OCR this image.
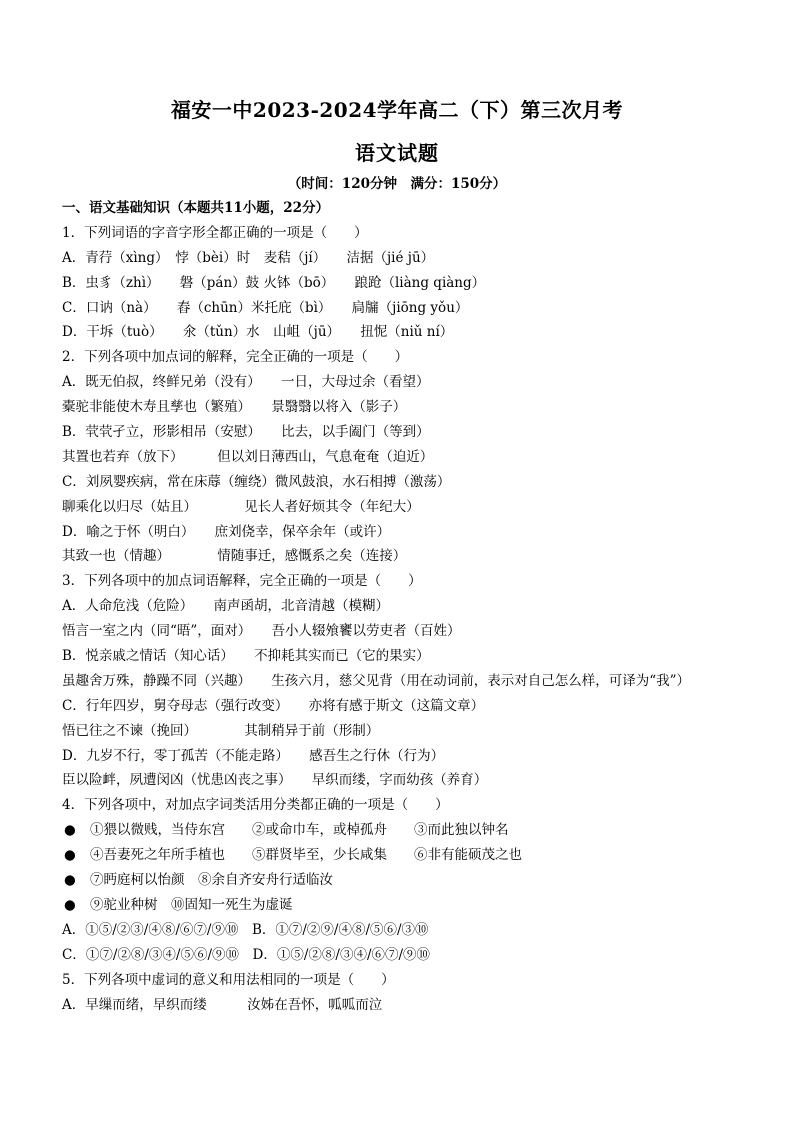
福安一中2023-2024学年高二（下）第三次月考
语文试题
（时间：120分钟　满分：150分）
一、语文基础知识（本题共11小题，22分）
1．下列词语的字音字形全都正确的一项是（　　）
A．青荇（xìng）　悖（bèi）时　麦秸（jí）　　洁据（jié jū）
B．虫豸（zhì）　　磐（pán）鼓 火钵（bō）　　踉跄（liàng qiàng）
C．口讷（nà）　　舂（chūn）米托庇（bì）　　扃牖（jiōng yǒu）
D．干坼（tuò）　　氽（tǔn）水　山岨（jū）　　扭怩（niǔ ní）
2．下列各项中加点词的解释，完全正确的一项是（　　）
A．既无伯叔，终鲜兄弟（没有）　　一日，大母过余（看望）
橐驼非能使木寿且孳也（繁殖）　　景翳翳以将入（影子）
B．茕茕孑立，形影相吊（安慰）　　比去，以手阖门（等到）
其置也若弃（放下）　　　但以刘日薄西山，气息奄奄（迫近）
C．刘夙婴疾病，常在床蓐（缠绕）微风鼓浪，水石相搏（激荡）
聊乘化以归尽（姑且）　　　　见长人者好烦其令（年纪大）
D．喻之于怀（明白）　　庶刘侥幸，保卒余年（或许）
其致一也（情趣）　　　　情随事迁，感慨系之矣（连接）
3．下列各项中的加点词语解释，完全正确的一项是（　　）
A．人命危浅（危险）　　南声函胡，北音清越（模糊）
悟言一室之内（同“晤”，面对）　　吾小人辍飧饔以劳吏者（百姓）
B．悦亲戚之情话（知心话）　　不抑耗其实而已（它的果实）
虽趣舍万殊，静躁不同（兴趣）　　生孩六月，慈父见背（用在动词前，表示对自己怎么样，可译为“我”）
C．行年四岁，舅夺母志（强行改变）　　亦将有感于斯文（这篇文章）
悟已往之不谏（挽回）　　　　其制稍异于前（形制）
D．九岁不行，零丁孤苦（不能走路）　　感吾生之行休（行为）
臣以险衅，夙遭闵凶（忧患凶丧之事）　　早织而缕，字而幼孩（养育）
4．下列各项中，对加点字词类活用分类都正确的一项是（　　）
● ①猥以微贱，当侍东宫　　②或命巾车，或棹孤舟　　③而此独以钟名
● ④吾妻死之年所手植也　　⑤群贤毕至，少长咸集　　⑥非有能硕茂之也
● ⑦眄庭柯以怡颜　⑧余自齐安舟行适临汝
● ⑨驼业种树　⑩固知一死生为虚诞
A．①⑤/②③/④⑧/⑥⑦/⑨⑩　B．①⑦/②⑨/④⑧/⑤⑥/③⑩
C．①⑦/②⑧/③④/⑤⑥/⑨⑩　D．①⑤/②⑧/③④/⑥⑦/⑨⑩
5．下列各项中虚词的意义和用法相同的一项是（　　）
A．早缫而绪，早织而缕　　　汝姊在吾怀，呱呱而泣
